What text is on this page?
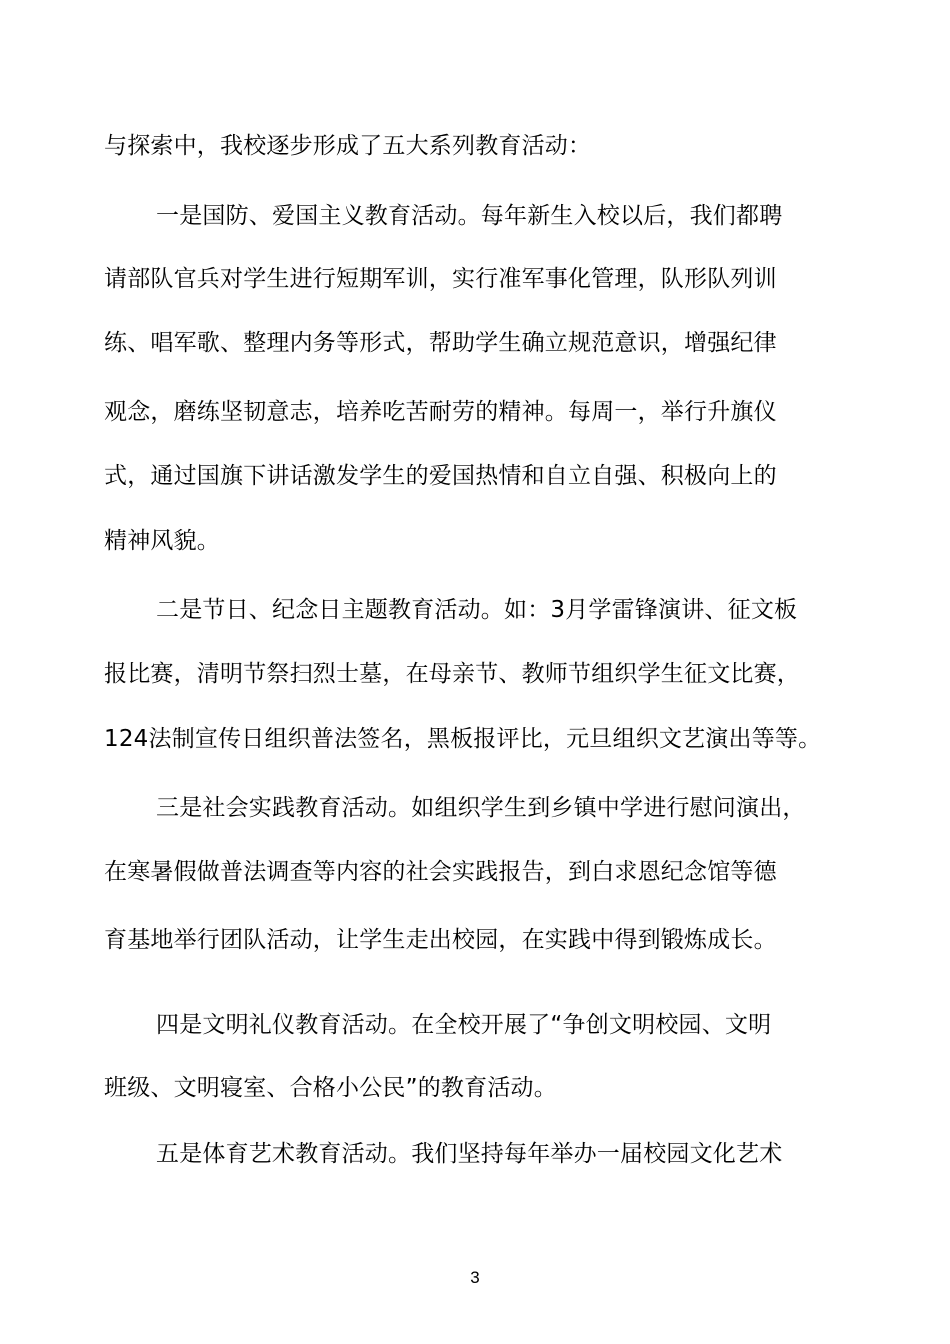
与探索中，我校逐步形成了五大系列教育活动：
一是国防、爱国主义教育活动。每年新生入校以后，我们都聘
请部队官兵对学生进行短期军训，实行准军事化管理，队形队列训
练、唱军歌、整理内务等形式，帮助学生确立规范意识，增强纪律
观念，磨练坚韧意志，培养吃苦耐劳的精神。每周一，举行升旗仪
式，通过国旗下讲话激发学生的爱国热情和自立自强、积极向上的
精神风貌。
二是节日、纪念日主题教育活动。如：3月学雷锋演讲、征文板
报比赛，清明节祭扫烈士墓，在母亲节、教师节组织学生征文比赛，
124法制宣传日组织普法签名，黑板报评比，元旦组织文艺演出等等。
三是社会实践教育活动。如组织学生到乡镇中学进行慰问演出，
在寒暑假做普法调查等内容的社会实践报告，到白求恩纪念馆等德
育基地举行团队活动，让学生走出校园，在实践中得到锻炼成长。
四是文明礼仪教育活动。在全校开展了“争创文明校园、文明
班级、文明寝室、合格小公民”的教育活动。
五是体育艺术教育活动。我们坚持每年举办一届校园文化艺术
3
